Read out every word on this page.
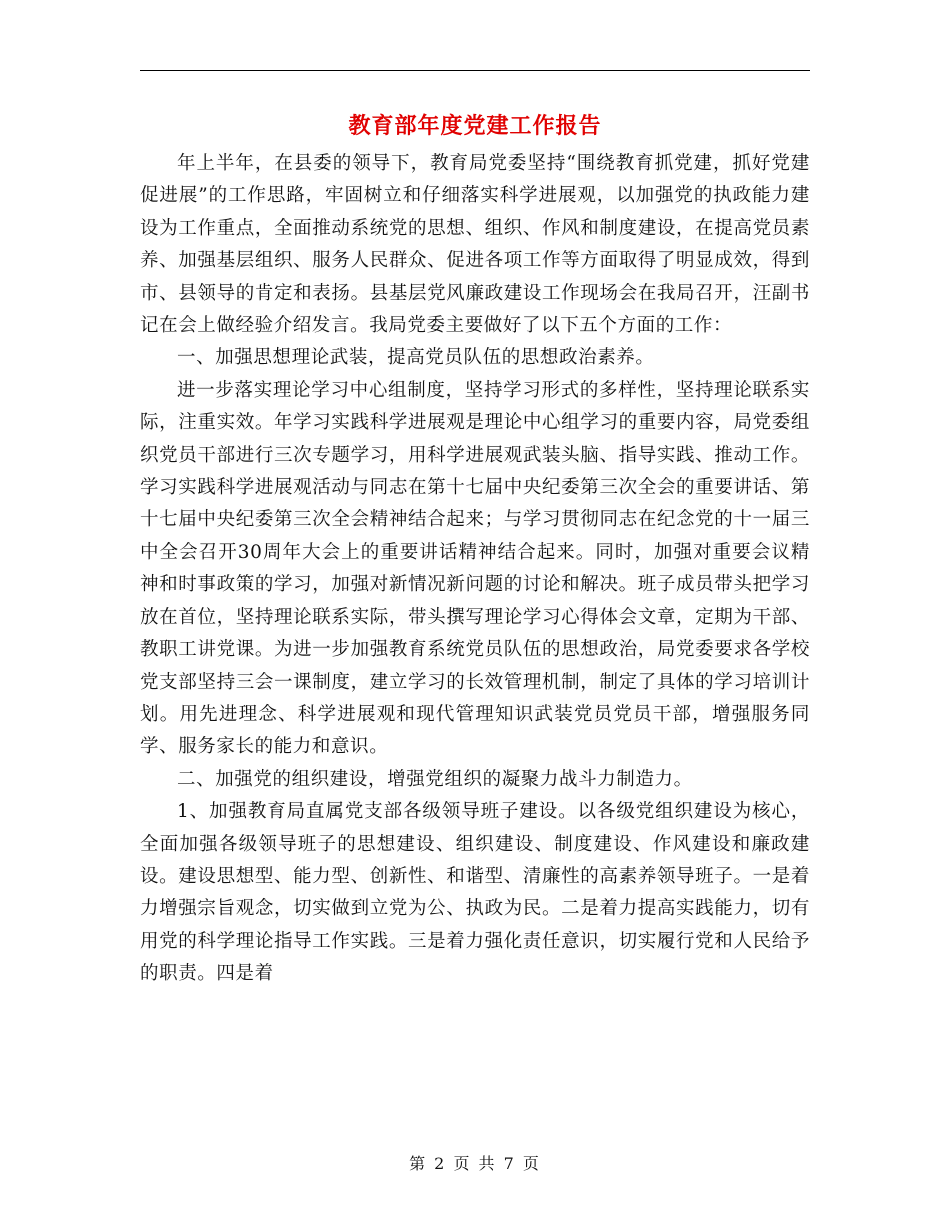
教育部年度党建工作报告

年上半年，在县委的领导下，教育局党委坚持“围绕教育抓党建，抓好党建促进展”的工作思路，牢固树立和仔细落实科学进展观，以加强党的执政能力建设为工作重点，全面推动系统党的思想、组织、作风和制度建设，在提高党员素养、加强基层组织、服务人民群众、促进各项工作等方面取得了明显成效，得到市、县领导的肯定和表扬。县基层党风廉政建设工作现场会在我局召开，汪副书记在会上做经验介绍发言。我局党委主要做好了以下五个方面的工作：

一、加强思想理论武装，提高党员队伍的思想政治素养。

进一步落实理论学习中心组制度，坚持学习形式的多样性，坚持理论联系实际，注重实效。年学习实践科学进展观是理论中心组学习的重要内容，局党委组织党员干部进行三次专题学习，用科学进展观武装头脑、指导实践、推动工作。学习实践科学进展观活动与同志在第十七届中央纪委第三次全会的重要讲话、第十七届中央纪委第三次全会精神结合起来；与学习贯彻同志在纪念党的十一届三中全会召开30周年大会上的重要讲话精神结合起来。同时，加强对重要会议精神和时事政策的学习，加强对新情况新问题的讨论和解决。班子成员带头把学习放在首位，坚持理论联系实际，带头撰写理论学习心得体会文章，定期为干部、教职工讲党课。为进一步加强教育系统党员队伍的思想政治，局党委要求各学校党支部坚持三会一课制度，建立学习的长效管理机制，制定了具体的学习培训计划。用先进理念、科学进展观和现代管理知识武装党员党员干部，增强服务同学、服务家长的能力和意识。

二、加强党的组织建设，增强党组织的凝聚力战斗力制造力。

1、加强教育局直属党支部各级领导班子建设。以各级党组织建设为核心，全面加强各级领导班子的思想建设、组织建设、制度建设、作风建设和廉政建设。建设思想型、能力型、创新性、和谐型、清廉性的高素养领导班子。一是着力增强宗旨观念，切实做到立党为公、执政为民。二是着力提高实践能力，切有用党的科学理论指导工作实践。三是着力强化责任意识，切实履行党和人民给予的职责。四是着

第 2 页 共 7 页
